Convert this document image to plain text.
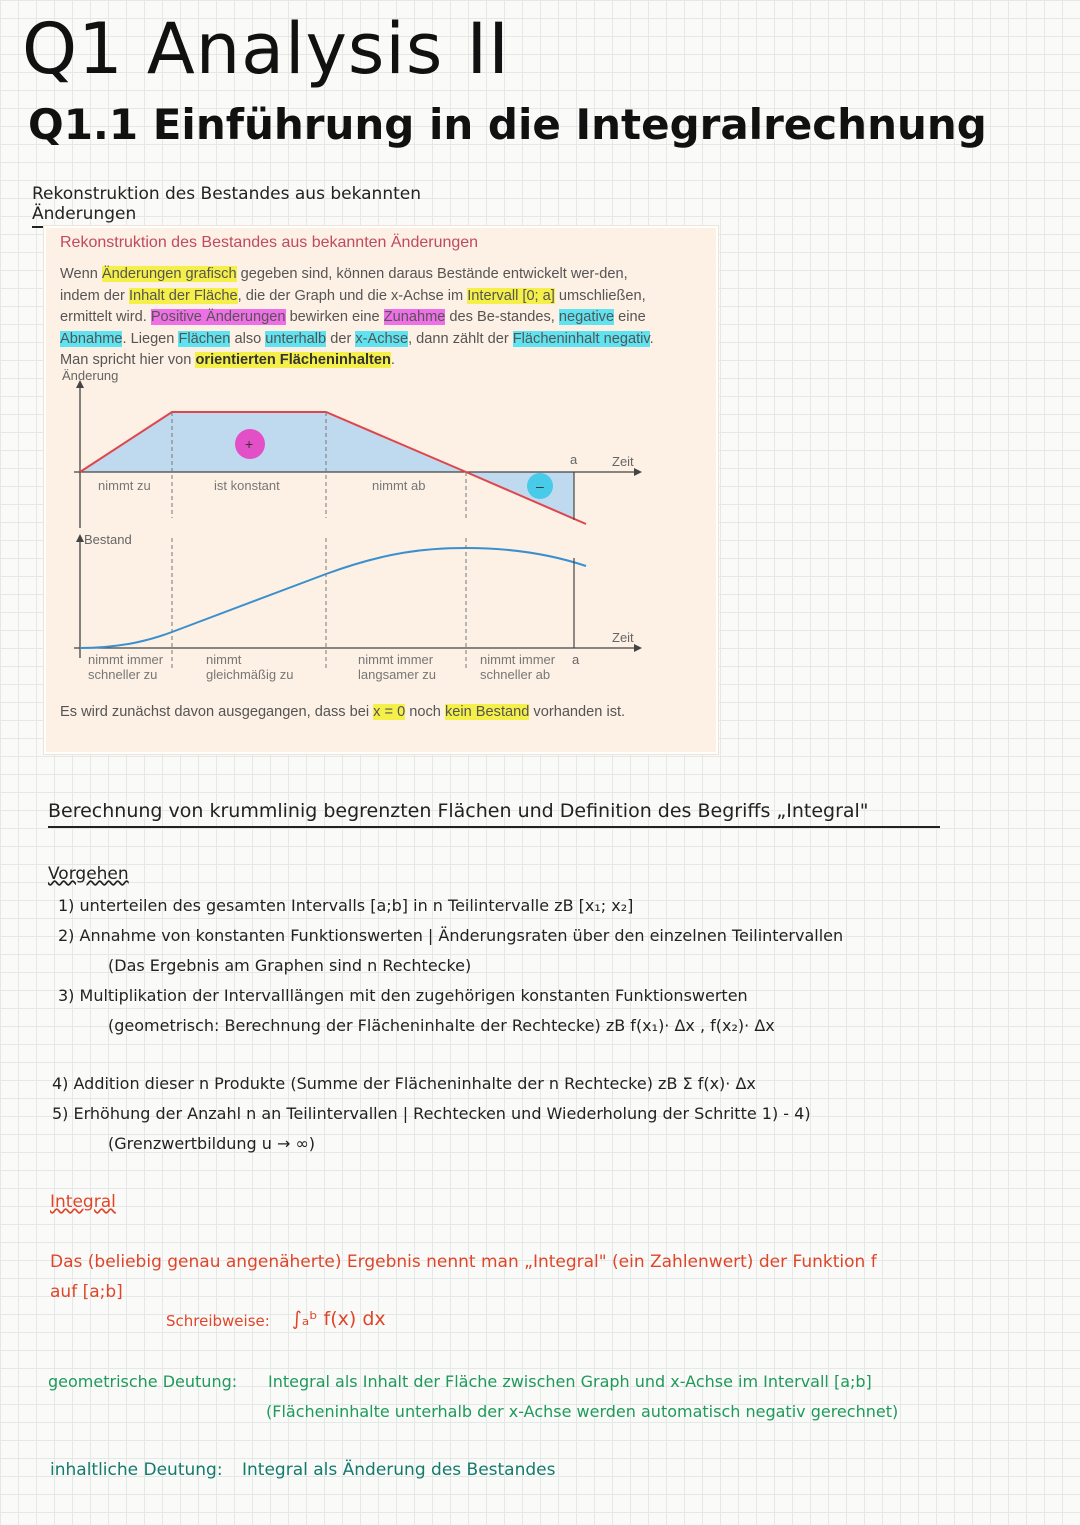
Q1 Analysis II
Q1.1 Einführung in die Integralrechnung
Rekonstruktion des Bestandes aus bekannten Änderungen
Rekonstruktion des Bestandes aus bekannten Änderungen
Wenn Änderungen grafisch gegeben sind, können daraus Bestände entwickelt wer-den, indem der Inhalt der Fläche, die der Graph und die x-Achse im Intervall [0; a] umschließen, ermittelt wird. Positive Änderungen bewirken eine Zunahme des Be-standes, negative eine Abnahme. Liegen Flächen also unterhalb der x-Achse, dann zählt der Flächeninhalt negativ. Man spricht hier von orientierten Flächeninhalten.
Änderung
Zeit
a
+
–
nimmt zu	ist konstant	nimmt ab
Bestand
Zeit
a
nimmt immer
schneller zu
nimmt
gleichmäßig zu
nimmt immer
langsamer zu
nimmt immer
schneller ab
Es wird zunächst davon ausgegangen, dass bei x = 0 noch kein Bestand vorhanden ist.
Berechnung von krummlinig begrenzten Flächen und Definition des Begriffs „Integral"
Vorgehen
1) unterteilen des gesamten Intervalls [a;b] in n Teilintervalle zB [x₁; x₂]
2) Annahme von konstanten Funktionswerten | Änderungsraten über den einzelnen Teilintervallen
(Das Ergebnis am Graphen sind n Rechtecke)
3) Multiplikation der Intervalllängen mit den zugehörigen konstanten Funktionswerten
(geometrisch: Berechnung der Flächeninhalte der Rechtecke) zB f(x₁)· Δx , f(x₂)· Δx
4) Addition dieser n Produkte (Summe der Flächeninhalte der n Rechtecke) zB Σ f(x)· Δx
5) Erhöhung der Anzahl n an Teilintervallen | Rechtecken und Wiederholung der Schritte 1) - 4)
(Grenzwertbildung u → ∞)
Integral
Das (beliebig genau angenäherte) Ergebnis nennt man „Integral" (ein Zahlenwert) der Funktion f
auf [a;b]
Schreibweise: ∫ₐᵇ f(x) dx
geometrische Deutung: Integral als Inhalt der Fläche zwischen Graph und x-Achse im Intervall [a;b]
(Flächeninhalte unterhalb der x-Achse werden automatisch negativ gerechnet)
inhaltliche Deutung: Integral als Änderung des Bestandes
